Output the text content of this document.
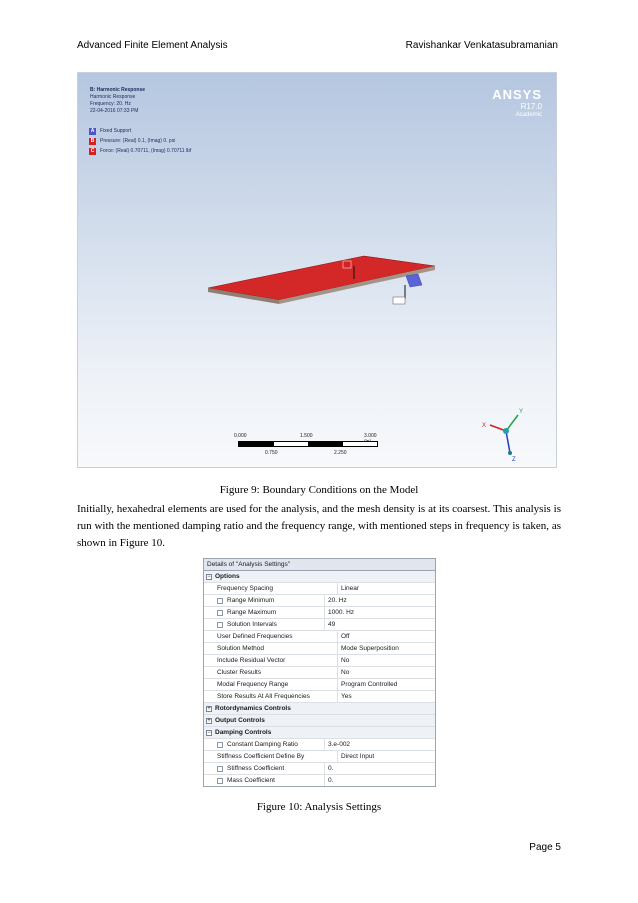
Advanced Finite Element Analysis	Ravishankar Venkatasubramanian
B: Harmonic Response
Harmonic Response
Frequency: 20. Hz
22-04-2016 07:33 PM
A	Fixed Support
B	Pressure: (Real) 0.1, (Imag) 0. psi
C	Force: (Real) 0.70711, (Imag) 0.70711 lbf
ANSYS
R17.0
Academic
0.000	1.500	3.000
0.750	2.250
X
Y
Z
Figure 9: Boundary Conditions on the Model
Initially, hexahedral elements are used for the analysis, and the mesh density is at its coarsest. This analysis is run with the mentioned damping ratio and the frequency range, with mentioned steps in frequency is taken, as shown in Figure 10.
Details of "Analysis Settings"
− Options
Frequency Spacing	Linear
Range Minimum	20. Hz
Range Maximum	1000. Hz
Solution Intervals	49
User Defined Frequencies	Off
Solution Method	Mode Superposition
Include Residual Vector	No
Cluster Results	No
Modal Frequency Range	Program Controlled
Store Results At All Frequencies	Yes
+ Rotordynamics Controls
+ Output Controls
− Damping Controls
Constant Damping Ratio	3.e-002
Stiffness Coefficient Define By	Direct Input
Stiffness Coefficient	0.
Mass Coefficient	0.
Figure 10: Analysis Settings
Page 5
